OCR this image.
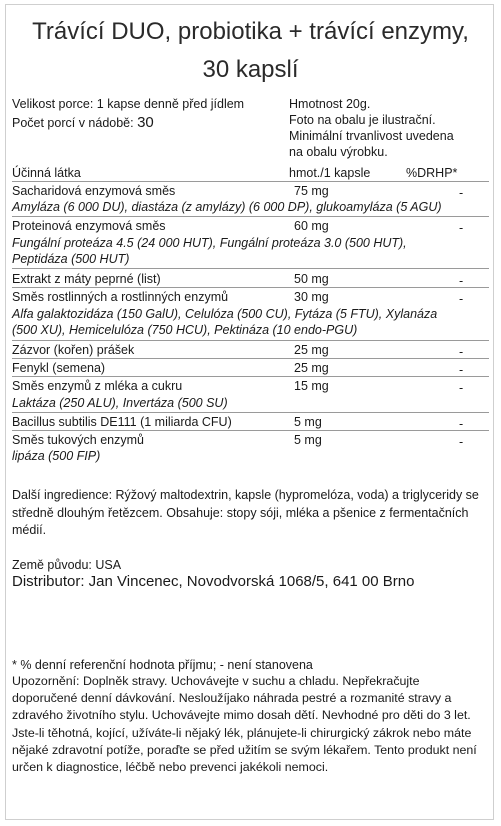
Trávící DUO, probiotika + trávící enzymy,
30 kapslí
Velikost porce: 1 kapse denně před jídlem
Počet porcí v nádobě: 30
Hmotnost 20g.
Foto na obalu je ilustrační.
Minimální trvanlivost uvedena
na obalu výrobku.
Účinná látka	hmot./1 kapsle	%DRHP*
Sacharidová enzymová směs	75 mg	-
Amyláza (6 000 DU), diastáza (z amylázy) (6 000 DP), glukoamyláza (5 AGU)
Proteinová enzymová směs	60 mg	-
Fungální proteáza 4.5 (24 000 HUT), Fungální proteáza 3.0 (500 HUT),
Peptidáza (500 HUT)
Extrakt z máty peprné (list)	50 mg	-
Směs rostlinných a rostlinných enzymů	30 mg	-
Alfa galaktozidáza (150 GalU), Celulóza (500 CU), Fytáza (5 FTU), Xylanáza
(500 XU), Hemicelulóza (750 HCU), Pektináza (10 endo-PGU)
Zázvor (kořen) prášek	25 mg	-
Fenykl (semena)	25 mg	-
Směs enzymů z mléka a cukru	15 mg	-
Laktáza (250 ALU), Invertáza (500 SU)
Bacillus subtilis DE111 (1 miliarda CFU)	5 mg	-
Směs tukových enzymů	5 mg	-
lipáza (500 FIP)
Další ingredience: Rýžový maltodextrin, kapsle (hypromelóza, voda) a triglyceridy se středně dlouhým řetězcem. Obsahuje: stopy sóji, mléka a pšenice z fermentačních médií.
Země původu: USA
Distributor: Jan Vincenec, Novodvorská 1068/5, 641 00 Brno
* % denní referenční hodnota příjmu; - není stanovena
Upozornění: Doplněk stravy. Uchovávejte v suchu a chladu. Nepřekračujte doporučené denní dávkování. Nesloužíjako náhrada pestré a rozmanité stravy a zdravého životního stylu. Uchovávejte mimo dosah dětí. Nevhodné pro děti do 3 let. Jste-li těhotná, kojící, užíváte-li nějaký lék, plánujete-li chirurgický zákrok nebo máte nějaké zdravotní potíže, poraďte se před užitím se svým lékařem. Tento produkt není určen k diagnostice, léčbě nebo prevenci jakékoli nemoci.
